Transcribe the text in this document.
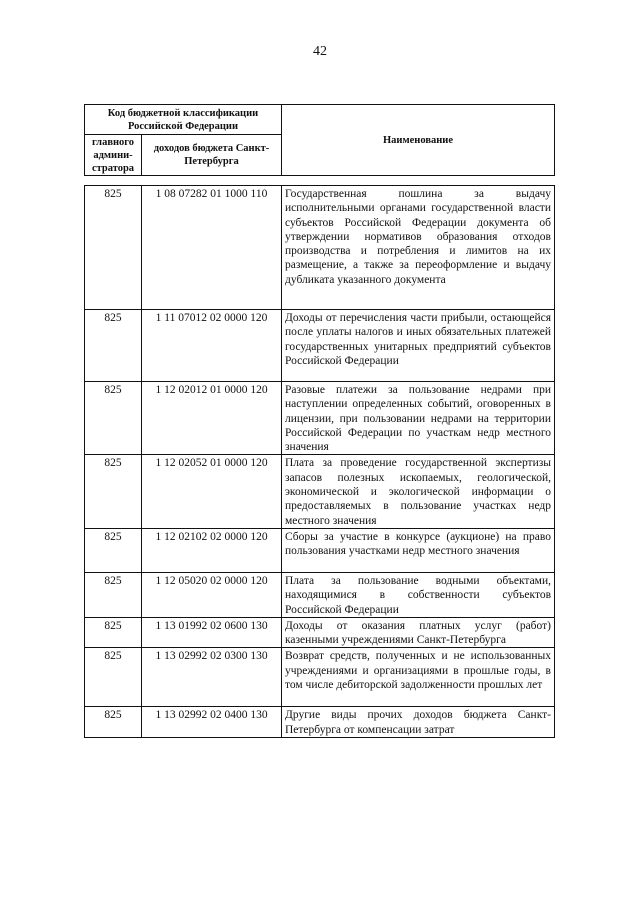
42
Код бюджетной классификации Российской Федерации		Наименование
главного админи-стратора	доходов бюджета Санкт-Петербурга	
825	1 08 07282 01 1000 110	Государственная пошлина за выдачу исполнительными органами государственной власти субъектов Российской Федерации документа об утверждении нормативов образования отходов производства и потребления и лимитов на их размещение, а также за переоформление и выдачу дубликата указанного документа
825	1 11 07012 02 0000 120	Доходы от перечисления части прибыли, остающейся после уплаты налогов и иных обязательных платежей государственных унитарных предприятий субъектов Российской Федерации
825	1 12 02012 01 0000 120	Разовые платежи за пользование недрами при наступлении определенных событий, оговоренных в лицензии, при пользовании недрами на территории Российской Федерации по участкам недр местного значения
825	1 12 02052 01 0000 120	Плата за проведение государственной экспертизы запасов полезных ископаемых, геологической, экономической и экологической информации о предоставляемых в пользование участках недр местного значения
825	1 12 02102 02 0000 120	Сборы за участие в конкурсе (аукционе) на право пользования участками недр местного значения
825	1 12 05020 02 0000 120	Плата за пользование водными объектами, находящимися в собственности субъектов Российской Федерации
825	1 13 01992 02 0600 130	Доходы от оказания платных услуг (работ) казенными учреждениями Санкт-Петербурга
825	1 13 02992 02 0300 130	Возврат средств, полученных и не использованных учреждениями и организациями в прошлые годы, в том числе дебиторской задолженности прошлых лет
825	1 13 02992 02 0400 130	Другие виды прочих доходов бюджета Санкт-Петербурга от компенсации затрат
